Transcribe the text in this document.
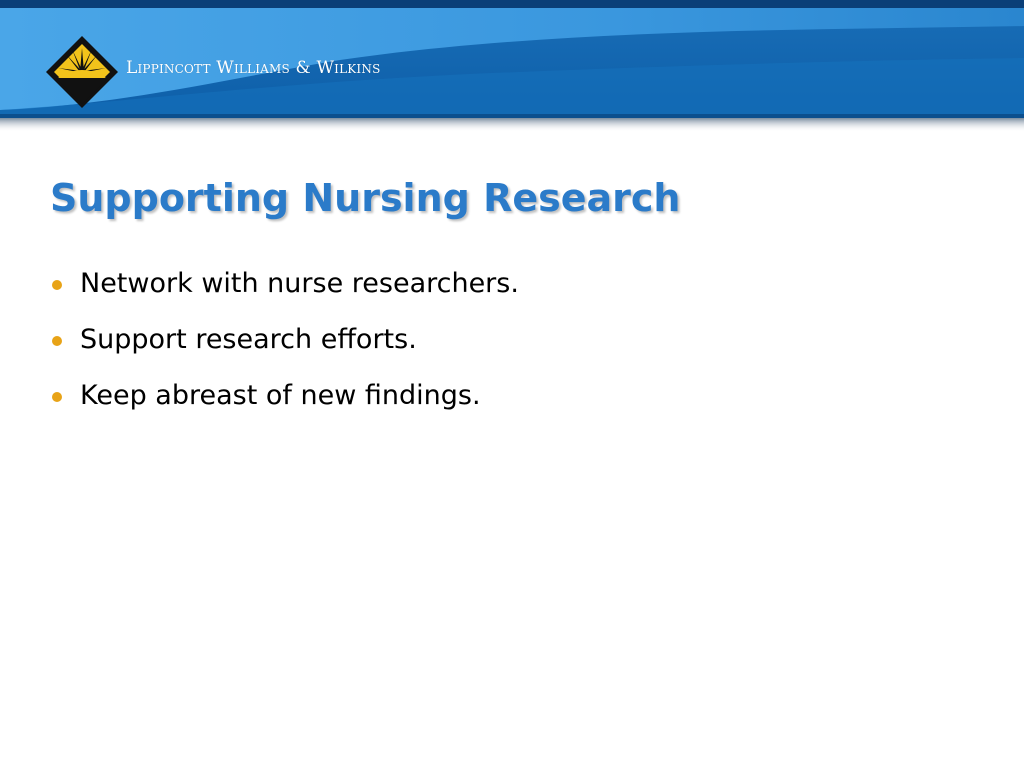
Lippincott Williams & Wilkins
Supporting Nursing Research
Network with nurse researchers.
Support research efforts.
Keep abreast of new findings.
